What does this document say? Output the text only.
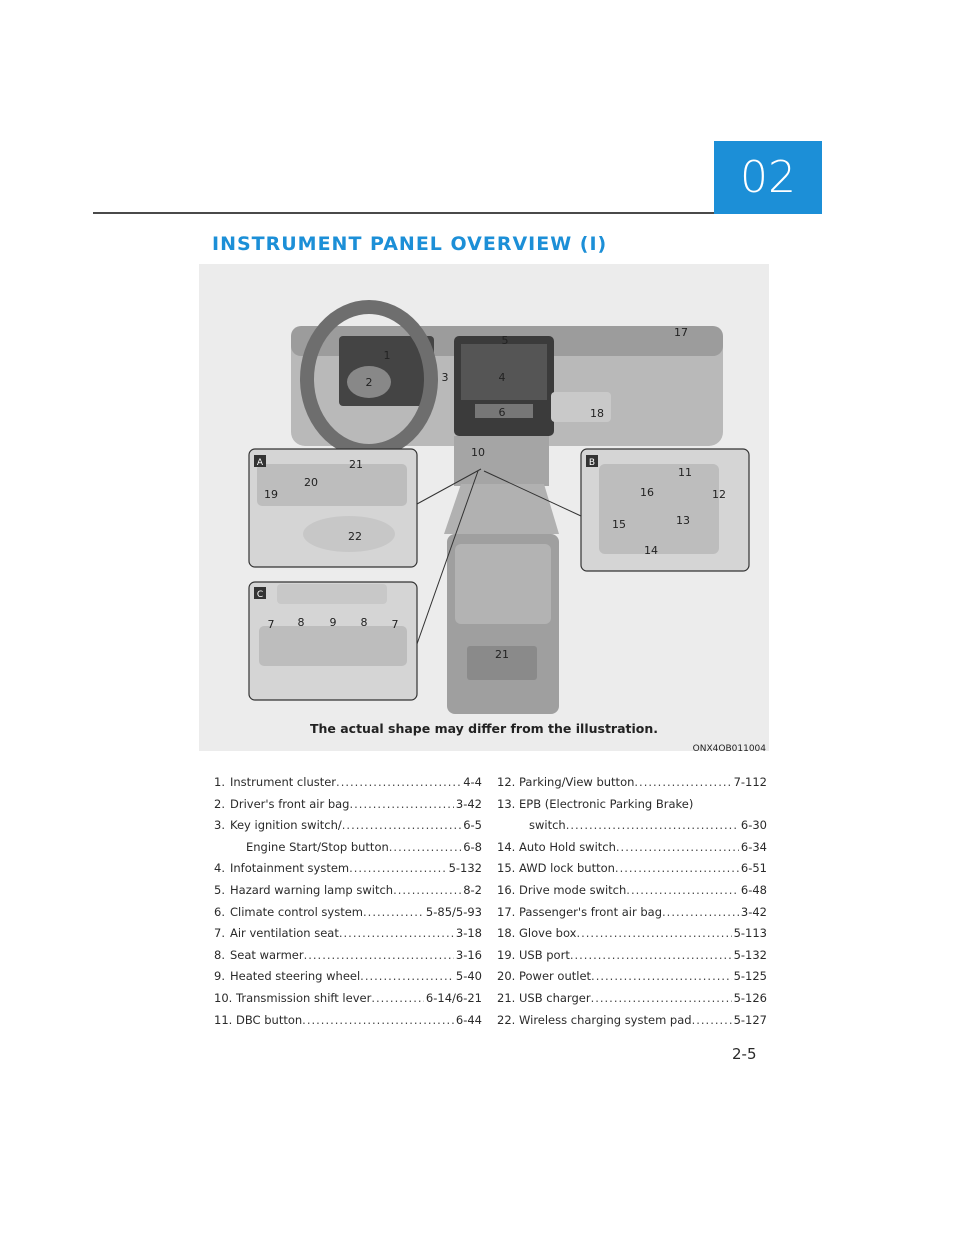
02
INSTRUMENT PANEL OVERVIEW (I)
A	B
C
1
2	3	4
5
6
10
17
18
19
20
21
22
11
12
13
14
15
16
7 8 9 8 7
21
The actual shape may differ from the illustration.
ONX4OB011004
1. Instrument cluster .....	4-4
2. Driver's front air bag .....	3-42
3. Key ignition switch/ .....	6-5
Engine Start/Stop button .....	6-8
4. Infotainment system .....	5-132
5. Hazard warning lamp switch .....	8-2
6. Climate control system .....	5-85/5-93
7. Air ventilation seat .....	3-18
8. Seat warmer .....	3-16
9. Heated steering wheel .....	5-40
10. Transmission shift lever .....	6-14/6-21
11. DBC button .....	6-44
12. Parking/View button .....	7-112
13. EPB (Electronic Parking Brake)
switch .....	6-30
14. Auto Hold switch .....	6-34
15. AWD lock button .....	6-51
16. Drive mode switch .....	6-48
17. Passenger's front air bag .....	3-42
18. Glove box .....	5-113
19. USB port .....	5-132
20. Power outlet .....	5-125
21. USB charger .....	5-126
22. Wireless charging system pad .....	5-127
2-5
